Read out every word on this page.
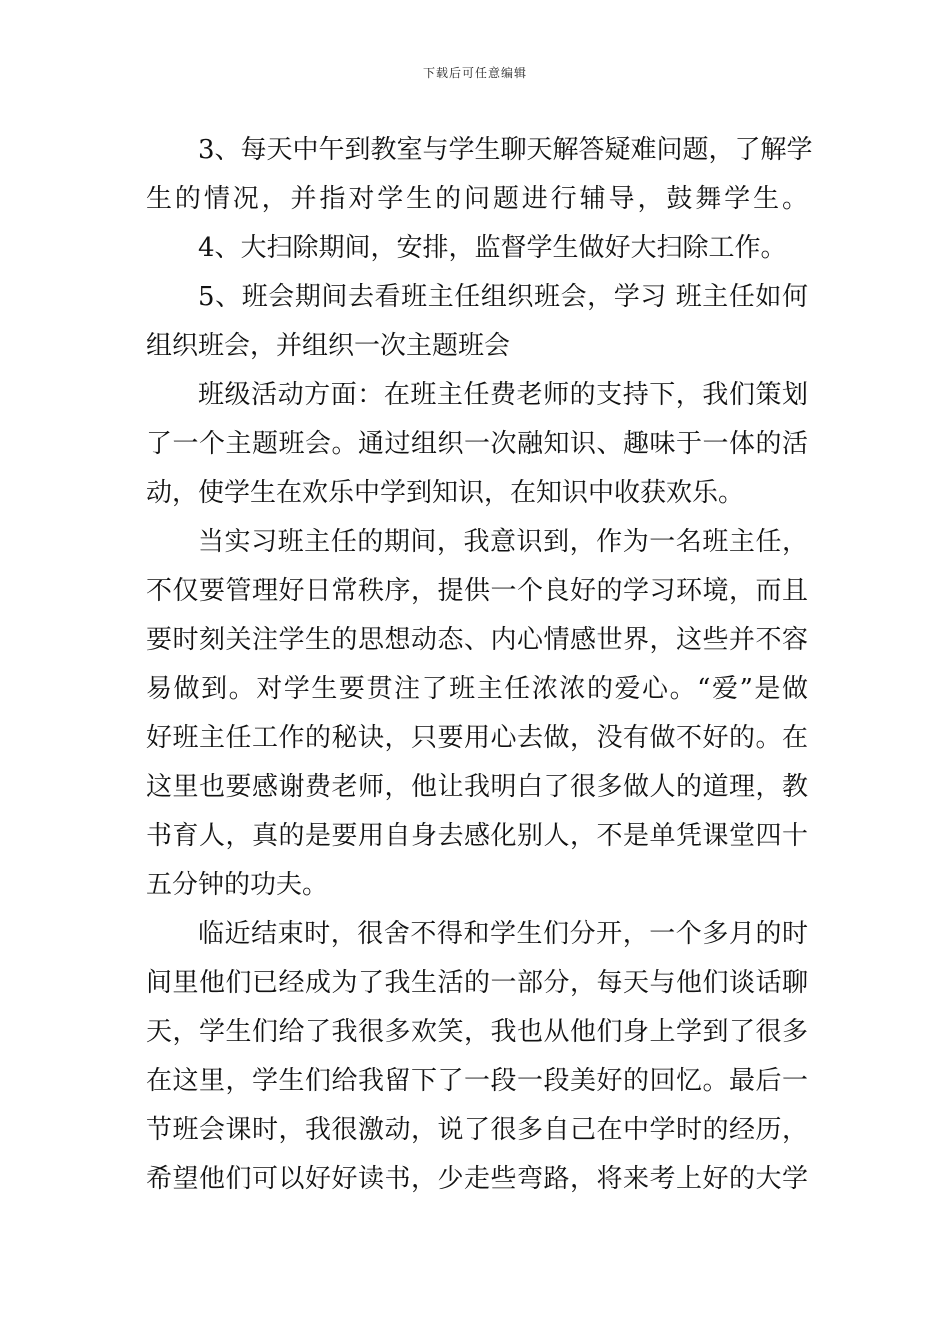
下载后可任意编辑
3、每天中午到教室与学生聊天解答疑难问题，了解学
生的情况，并指对学生的问题进行辅导，鼓舞学生。
4、大扫除期间，安排，监督学生做好大扫除工作。
5、班会期间去看班主任组织班会，学习 班主任如何
组织班会，并组织一次主题班会
班级活动方面：在班主任费老师的支持下，我们策划
了一个主题班会。通过组织一次融知识、趣味于一体的活
动，使学生在欢乐中学到知识，在知识中收获欢乐。
当实习班主任的期间，我意识到，作为一名班主任，
不仅要管理好日常秩序，提供一个良好的学习环境，而且
要时刻关注学生的思想动态、内心情感世界，这些并不容
易做到。对学生要贯注了班主任浓浓的爱心。“爱”是做
好班主任工作的秘诀，只要用心去做，没有做不好的。在
这里也要感谢费老师，他让我明白了很多做人的道理，教
书育人，真的是要用自身去感化别人，不是单凭课堂四十
五分钟的功夫。
临近结束时，很舍不得和学生们分开，一个多月的时
间里他们已经成为了我生活的一部分，每天与他们谈话聊
天，学生们给了我很多欢笑，我也从他们身上学到了很多
在这里，学生们给我留下了一段一段美好的回忆。最后一
节班会课时，我很激动，说了很多自己在中学时的经历，
希望他们可以好好读书，少走些弯路，将来考上好的大学
